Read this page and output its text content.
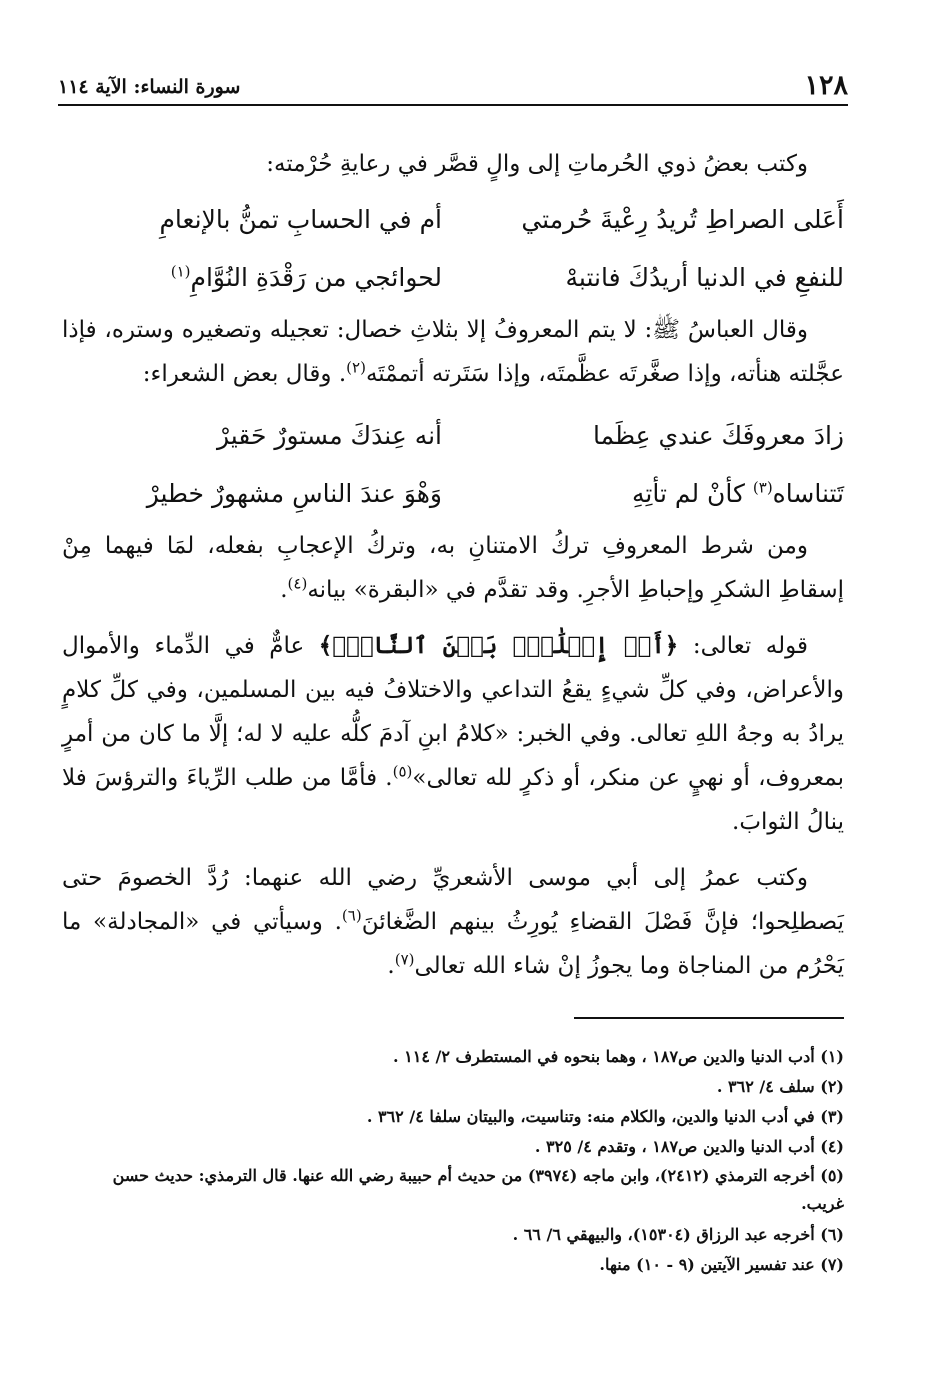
١٢٨
سورة النساء: الآية ١١٤

وكتب بعضُ ذوي الحُرماتِ إلى والٍ قصَّر في رعايةِ حُرْمته:

أَعَلى الصراطِ تُريدُ رِعْيةَ حُرمتي
أم في الحسابِ تمنُّ بالإنعامِ
للنفعِ في الدنيا أريدُكَ فانتبهْ
لحوائجي من رَقْدَةِ النُوَّامِ$^{(١)}$

وقال العباسُ ﷺ: لا يتم المعروفُ إلا بثلاثِ خصال: تعجيله وتصغيره وستره، فإذا عجَّلته هنأته، وإذا صغَّرتَه عظَّمتَه، وإذا سَتَرته أتممْتَه$^{(٢)}$. وقال بعض الشعراء:

زادَ معروفَكَ عندي عِظَما
أنه عِندَكَ مستورٌ حَقيرْ
تَتناساه$^{(٣)}$ كأنْ لم تأتِهِ
وَهْوَ عندَ الناسِ مشهورٌ خطيرْ

ومن شرط المعروفِ تركُ الامتنانِ به، وتركُ الإعجابِ بفعله، لمَا فيهما مِنْ إسقاطِ الشكرِ وإحباطِ الأجرِ. وقد تقدَّم في «البقرة» بيانه$^{(٤)}$.

قوله تعالى: ﴿أَوۡ إِصۡلَٰحِۭ بَيۡنَ ٱلنَّاسِۚ﴾ عامٌّ في الدِّماء والأموال والأعراض، وفي كلِّ شيءٍ يقعُ التداعي والاختلافُ فيه بين المسلمين، وفي كلِّ كلامٍ يرادُ به وجهُ اللهِ تعالى. وفي الخبر: «كلامُ ابنِ آدمَ كلُّه عليه لا له؛ إلَّا ما كان من أمرٍ بمعروف، أو نهيٍ عن منكر، أو ذكرٍ لله تعالى»$^{(٥)}$. فأمَّا من طلب الرِّياءَ والترؤسَ فلا ينالُ الثوابَ.

وكتب عمرُ إلى أبي موسى الأشعريِّ رضي الله عنهما: رُدَّ الخصومَ حتى يَصطلِحوا؛ فإنَّ فَصْلَ القضاءِ يُورِثُ بينهم الضَّغائنَ$^{(٦)}$. وسيأتي في «المجادلة» ما يَحْرُم من المناجاة وما يجوزُ إنْ شاء الله تعالى$^{(٧)}$.

(١) أدب الدنيا والدين ص١٨٧ ، وهما بنحوه في المستطرف ٢/ ١١٤ .

(٢) سلف ٤/ ٣٦٢ .

(٣) في أدب الدنيا والدين، والكلام منه: وتناسيت، والبيتان سلفا ٤/ ٣٦٢ .

(٤) أدب الدنيا والدين ص١٨٧ ، وتقدم ٤/ ٣٢٥ .

(٥) أخرجه الترمذي (٢٤١٢)، وابن ماجه (٣٩٧٤) من حديث أم حبيبة رضي الله عنها. قال الترمذي: حديث حسن غريب.

(٦) أخرجه عبد الرزاق (١٥٣٠٤)، والبيهقي ٦/ ٦٦ .

(٧) عند تفسير الآيتين (٩ - ١٠) منها.
